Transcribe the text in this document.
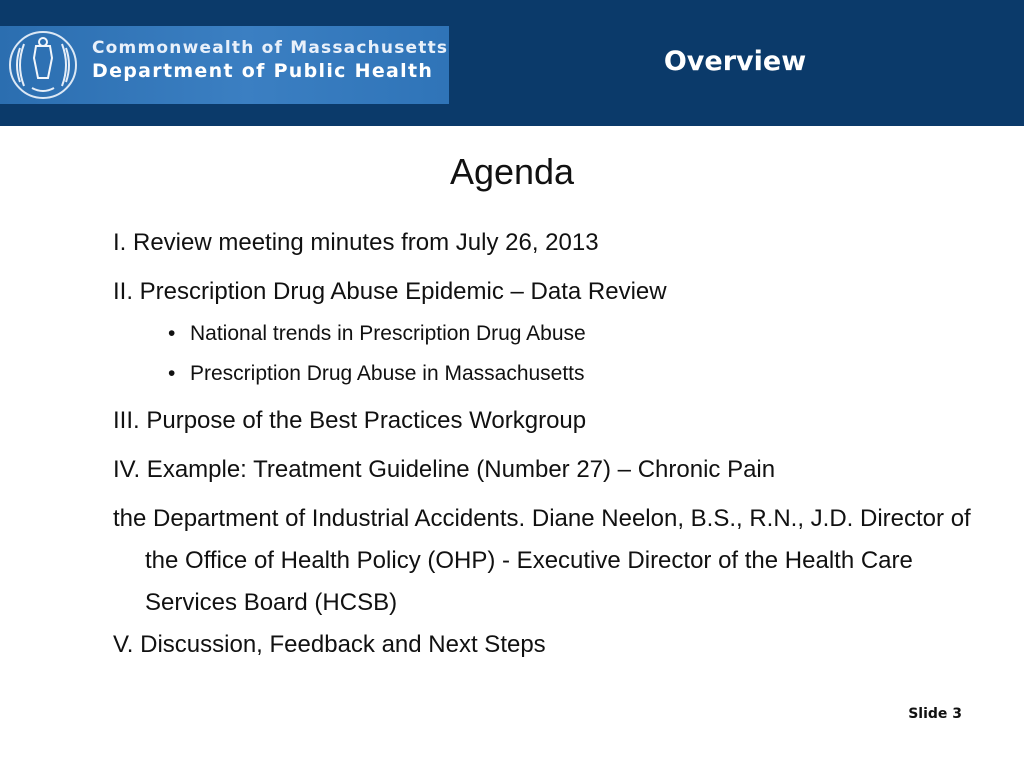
Commonwealth of Massachusetts
Department of Public Health	Overview
Agenda
I. Review meeting minutes from July 26, 2013
II. Prescription Drug Abuse Epidemic – Data Review
• National trends in Prescription Drug Abuse
• Prescription Drug Abuse in Massachusetts
III. Purpose of the Best Practices Workgroup
IV. Example: Treatment Guideline (Number 27) – Chronic Pain
the Department of Industrial Accidents. Diane Neelon, B.S., R.N., J.D. Director of the Office of Health Policy (OHP) - Executive Director of the Health Care Services Board (HCSB)
V. Discussion, Feedback and Next Steps
Slide 3
